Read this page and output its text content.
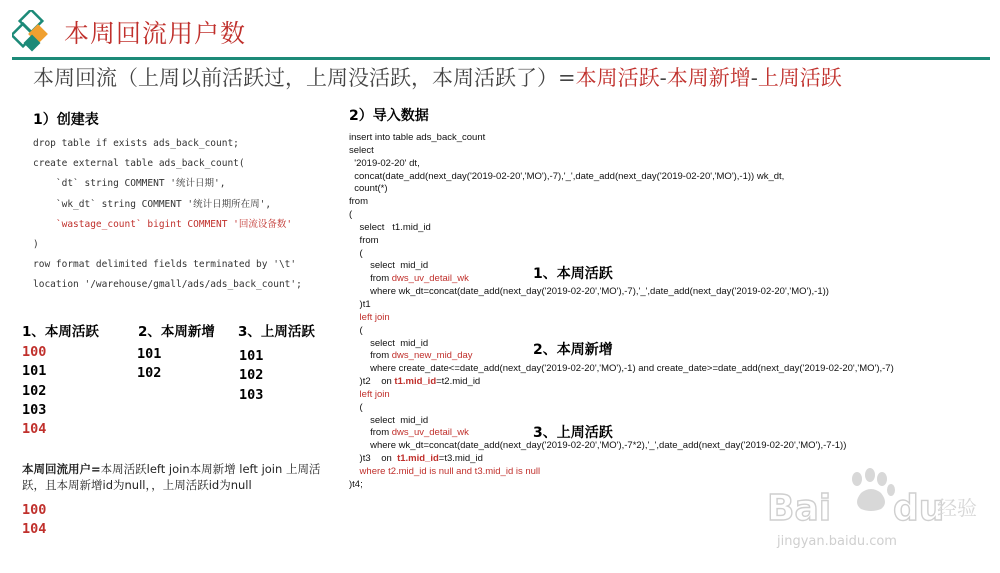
本周回流用户数
本周回流（上周以前活跃过，上周没活跃，本周活跃了）=本周活跃-本周新增-上周活跃
1）创建表
drop table if exists ads_back_count;
create external table ads_back_count(
`dt` string COMMENT '统计日期',
`wk_dt` string COMMENT '统计日期所在周',
`wastage_count` bigint COMMENT '回流设备数'
)
row format delimited fields terminated by '\t'
location '/warehouse/gmall/ads/ads_back_count';
1、本周活跃	2、本周新增 3、上周活跃
100
101
102
103
104
101
102
101
102
103
本周回流用户=本周活跃left join本周新增 left join 上周活跃，且本周新增id为null，，上周活跃id为null
100
104
2）导入数据
insert into table ads_back_count
select
'2019-02-20' dt,
concat(date_add(next_day('2019-02-20','MO'),-7),'_',date_add(next_day('2019-02-20','MO'),-1)) wk_dt,
count(*)
from
(
select   t1.mid_id
from
(
select  mid_id
from dws_uv_detail_wk
where wk_dt=concat(date_add(next_day('2019-02-20','MO'),-7),'_',date_add(next_day('2019-02-20','MO'),-1))
)t1
left join
(
select  mid_id
from dws_new_mid_day
where create_date<=date_add(next_day('2019-02-20','MO'),-1) and create_date>=date_add(next_day('2019-02-20','MO'),-7)
)t2    on t1.mid_id=t2.mid_id
left join
(
select  mid_id
from dws_uv_detail_wk
where wk_dt=concat(date_add(next_day('2019-02-20','MO'),-7*2),'_',date_add(next_day('2019-02-20','MO'),-7-1))
)t3    on  t1.mid_id=t3.mid_id
where t2.mid_id is null and t3.mid_id is null
)t4;
1、本周活跃
2、本周新增
3、上周活跃
Bai du
经验
jingyan.baidu.com
